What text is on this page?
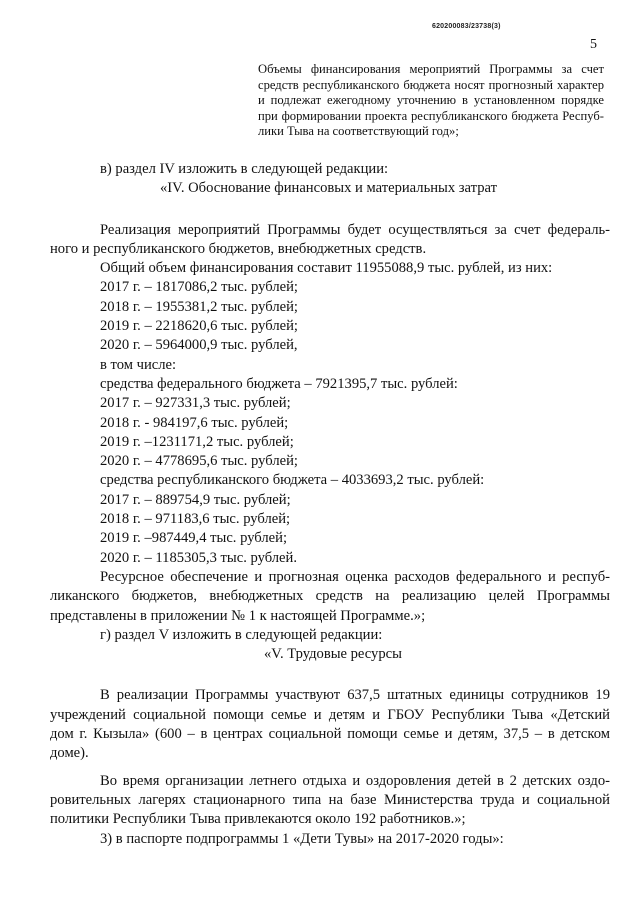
620200083/23738(3)
5
Объемы финансирования мероприятий Программы за счет
средств республиканского бюджета носят прогнозный характер
и подлежат ежегодному уточнению в установленном порядке
при формировании проекта республиканского бюджета Респуб-
лики Тыва на соответствующий год»;
в) раздел IV изложить в следующей редакции:
«IV. Обоснование финансовых и материальных затрат
Реализация мероприятий Программы будет осуществляться за счет федераль-
ного и республиканского бюджетов, внебюджетных средств.
Общий объем финансирования составит 11955088,9 тыс. рублей, из них:
2017 г. – 1817086,2 тыс. рублей;
2018 г. – 1955381,2 тыс. рублей;
2019 г. – 2218620,6 тыс. рублей;
2020 г. – 5964000,9 тыс. рублей,
в том числе:
средства федерального бюджета – 7921395,7 тыс. рублей:
2017 г. – 927331,3 тыс. рублей;
2018 г. - 984197,6 тыс. рублей;
2019 г. –1231171,2 тыс. рублей;
2020 г. – 4778695,6 тыс. рублей;
средства республиканского бюджета – 4033693,2 тыс. рублей:
2017 г. – 889754,9 тыс. рублей;
2018 г. – 971183,6 тыс. рублей;
2019 г. –987449,4 тыс. рублей;
2020 г. – 1185305,3 тыс. рублей.
Ресурсное обеспечение и прогнозная оценка расходов федерального и респуб-
ликанского бюджетов, внебюджетных средств на реализацию целей Программы
представлены в приложении № 1 к настоящей Программе.»;
г) раздел V изложить в следующей редакции:
«V. Трудовые ресурсы
В реализации Программы участвуют 637,5 штатных единицы сотрудников 19
учреждений социальной помощи семье и детям и ГБОУ Республики Тыва «Детский
дом г. Кызыла» (600 – в центрах социальной помощи семье и детям, 37,5 – в детском
доме).
Во время организации летнего отдыха и оздоровления детей в 2 детских оздо-
ровительных лагерях стационарного типа на базе Министерства труда и социальной
политики Республики Тыва привлекаются около 192 работников.»;
3) в паспорте подпрограммы 1 «Дети Тувы» на 2017-2020 годы»:
